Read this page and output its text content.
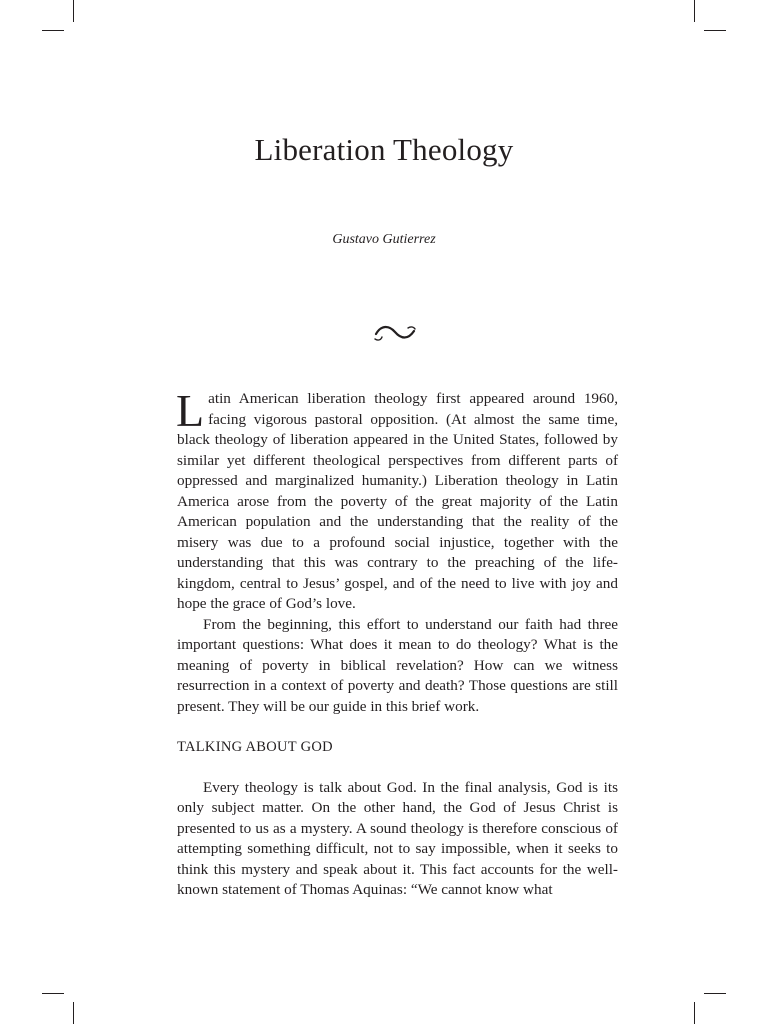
Liberation Theology
Gustavo Gutierrez

Latin American liberation theology first appeared around 1960, facing vigorous pastoral opposition. (At almost the same time, black theology of liberation appeared in the United States, followed by similar yet different theological perspectives from different parts of oppressed and marginalized humanity.) Liberation theology in Latin America arose from the poverty of the great majority of the Latin American population and the understanding that the reality of the misery was due to a profound social injustice, together with the understanding that this was contrary to the preaching of the life-kingdom, central to Jesus’ gospel, and of the need to live with joy and hope the grace of God’s love.

From the beginning, this effort to understand our faith had three important questions: What does it mean to do theology? What is the meaning of poverty in biblical revelation? How can we witness resurrection in a context of poverty and death? Those questions are still present. They will be our guide in this brief work.

TALKING ABOUT GOD

Every theology is talk about God. In the final analysis, God is its only subject matter. On the other hand, the God of Jesus Christ is presented to us as a mystery. A sound theology is therefore conscious of attempting something difficult, not to say impossible, when it seeks to think this mystery and speak about it. This fact accounts for the well-known statement of Thomas Aquinas: “We cannot know what
